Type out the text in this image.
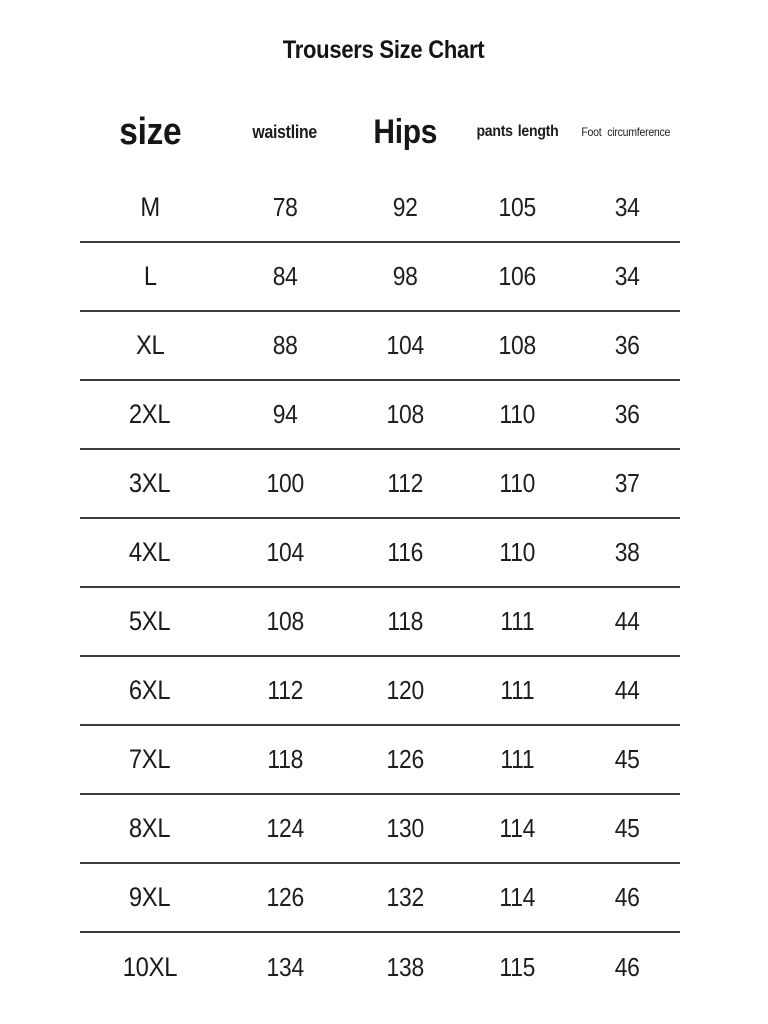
Trousers Size Chart
size	waistline	Hips	pants length	Foot circumference
M	78	92	105	34
L	84	98	106	34
XL	88	104	108	36
2XL	94	108	110	36
3XL	100	112	110	37
4XL	104	116	110	38
5XL	108	118	111	44
6XL	112	120	111	44
7XL	118	126	111	45
8XL	124	130	114	45
9XL	126	132	114	46
10XL	134	138	115	46
